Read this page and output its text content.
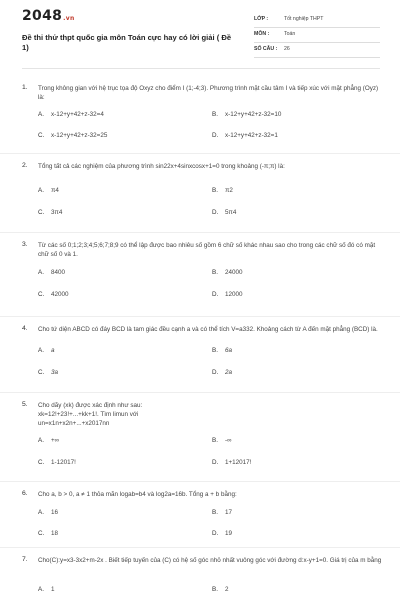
2048.vn
Đề thi thử thpt quốc gia môn Toán cực hay có lời giải ( Đề 1)
LỚP :	Tốt nghiệp THPT
MÔN :	Toán
SỐ CÂU : 26
1. Trong không gian với hệ trục tọa độ Oxyz cho điểm I (1;-4;3). Phương trình mặt cầu tâm I và tiếp xúc với mặt phẳng (Oyz) là:
A. x-12+y+42+z-32=4	B. x-12+y+42+z-32=10
C. x-12+y+42+z-32=25	D. x-12+y+42+z-32=1
2. Tổng tất cả các nghiệm của phương trình sin22x+4sinxcosx+1=0 trong khoảng (-π;π) là:
A. π4	B. π2
C. 3π4	D. 5π4
3. Từ các số 0;1;2;3;4;5;6;7;8;9 có thể lập được bao nhiêu số gồm 6 chữ số khác nhau sao cho trong các chữ số đó có mặt chữ số 0 và 1.
A. 8400	B. 24000
C. 42000	D. 12000
4. Cho tứ diện ABCD có đáy BCD là tam giác đều cạnh a và có thể tích V=a332. Khoảng cách từ A đến mặt phẳng (BCD) là.
A. a	B. 6a
C. 3a	D. 2a
5. Cho dãy (xk) được xác định như sau: xk=12!+23!+...+kk+1!. Tìm limun với un=x1n+x2n+...+x2017nn
A. +∞	B. -∞
C. 1-12017!	D. 1+12017!
6. Cho a, b > 0, a ≠ 1 thỏa mãn logab=b4 và log2a=16b. Tổng a + b bằng:
A. 16	B. 17
C. 18	D. 19
7. Cho(C):y=x3-3x2+m-2x . Biết tiếp tuyến của (C) có hệ số góc nhỏ nhất vuông góc với đường d:x-y+1=0. Giá trị của m bằng
A. 1	B. 2
